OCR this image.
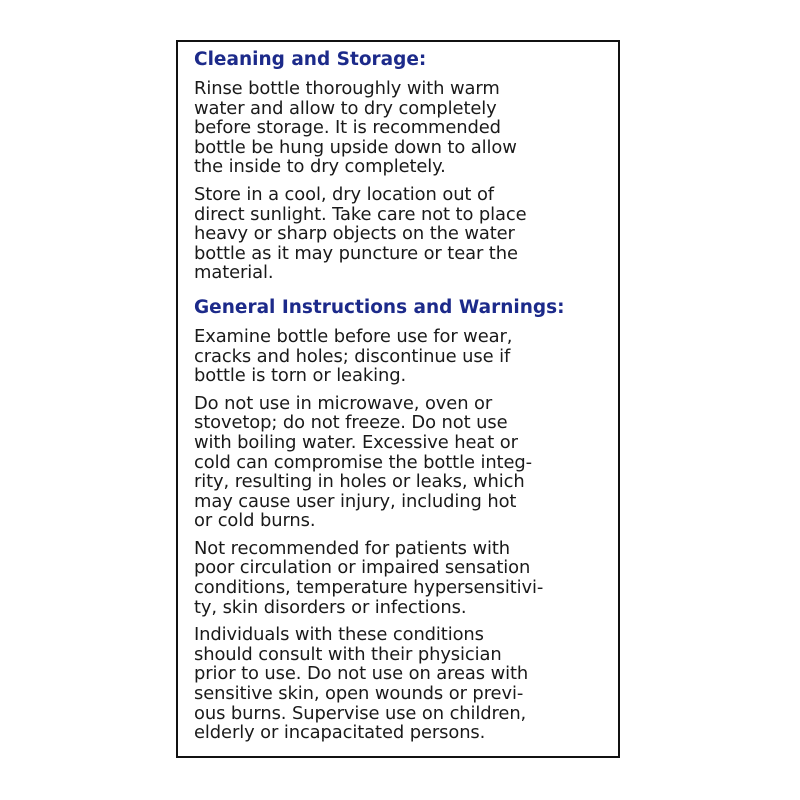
Cleaning and Storage:

Rinse bottle thoroughly with warm
water and allow to dry completely
before storage. It is recommended
bottle be hung upside down to allow
the inside to dry completely.

Store in a cool, dry location out of
direct sunlight. Take care not to place
heavy or sharp objects on the water
bottle as it may puncture or tear the
material.

General Instructions and Warnings:

Examine bottle before use for wear,
cracks and holes; discontinue use if
bottle is torn or leaking.

Do not use in microwave, oven or
stovetop; do not freeze. Do not use
with boiling water. Excessive heat or
cold can compromise the bottle integ-
rity, resulting in holes or leaks, which
may cause user injury, including hot
or cold burns.

Not recommended for patients with
poor circulation or impaired sensation
conditions, temperature hypersensitivi-
ty, skin disorders or infections.

Individuals with these conditions
should consult with their physician
prior to use. Do not use on areas with
sensitive skin, open wounds or previ-
ous burns. Supervise use on children,
elderly or incapacitated persons.
